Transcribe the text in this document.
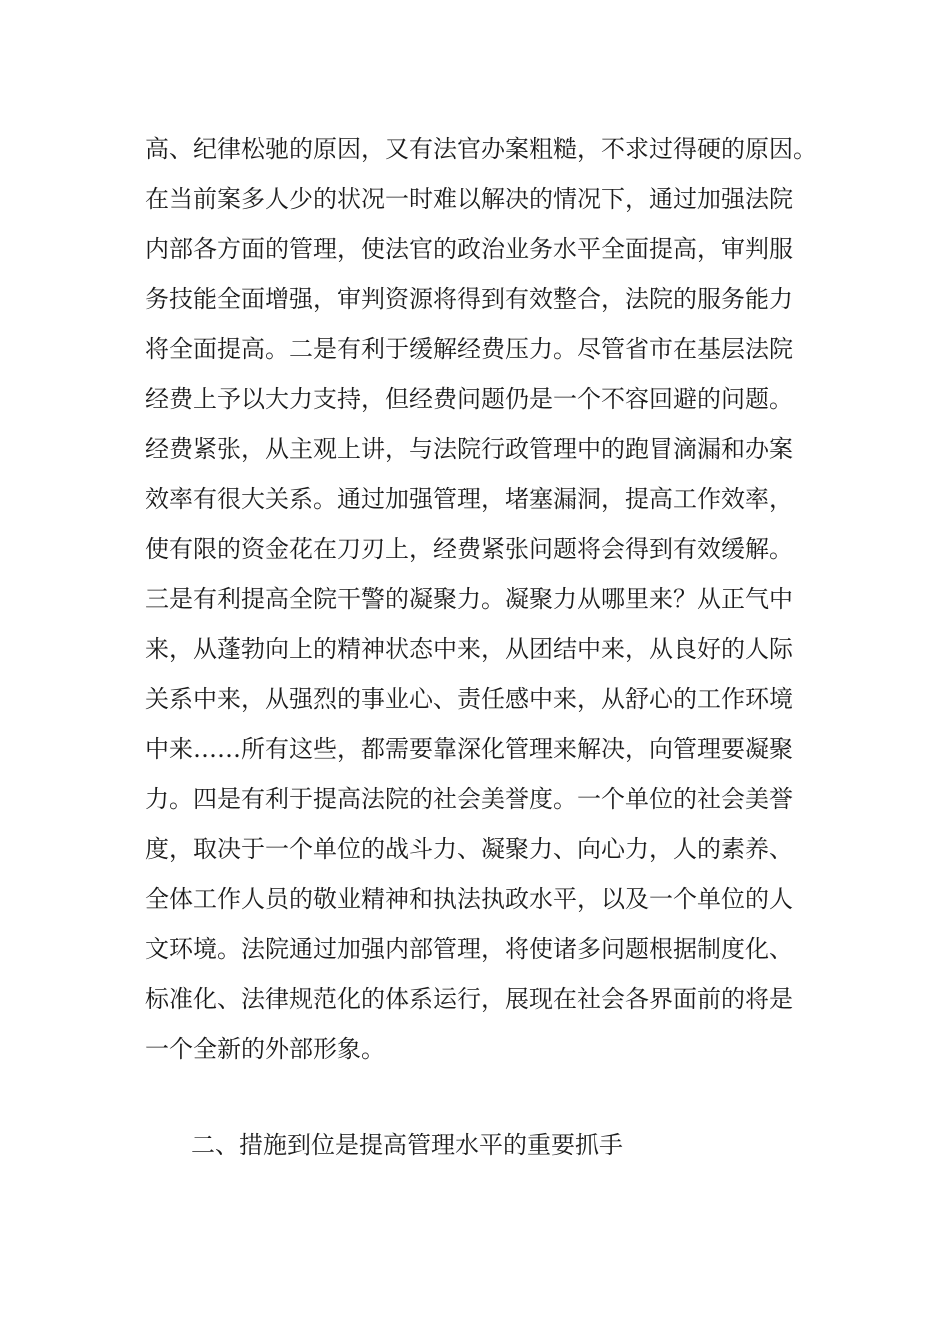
高、纪律松驰的原因，又有法官办案粗糙，不求过得硬的原因。
在当前案多人少的状况一时难以解决的情况下，通过加强法院
内部各方面的管理，使法官的政治业务水平全面提高，审判服
务技能全面增强，审判资源将得到有效整合，法院的服务能力
将全面提高。二是有利于缓解经费压力。尽管省市在基层法院
经费上予以大力支持，但经费问题仍是一个不容回避的问题。
经费紧张，从主观上讲，与法院行政管理中的跑冒滴漏和办案
效率有很大关系。通过加强管理，堵塞漏洞，提高工作效率，
使有限的资金花在刀刃上，经费紧张问题将会得到有效缓解。
三是有利提高全院干警的凝聚力。凝聚力从哪里来？从正气中
来，从蓬勃向上的精神状态中来，从团结中来，从良好的人际
关系中来，从强烈的事业心、责任感中来，从舒心的工作环境
中来……所有这些，都需要靠深化管理来解决，向管理要凝聚
力。四是有利于提高法院的社会美誉度。一个单位的社会美誉
度，取决于一个单位的战斗力、凝聚力、向心力，人的素养、
全体工作人员的敬业精神和执法执政水平，以及一个单位的人
文环境。法院通过加强内部管理，将使诸多问题根据制度化、
标准化、法律规范化的体系运行，展现在社会各界面前的将是
一个全新的外部形象。
二、措施到位是提高管理水平的重要抓手
